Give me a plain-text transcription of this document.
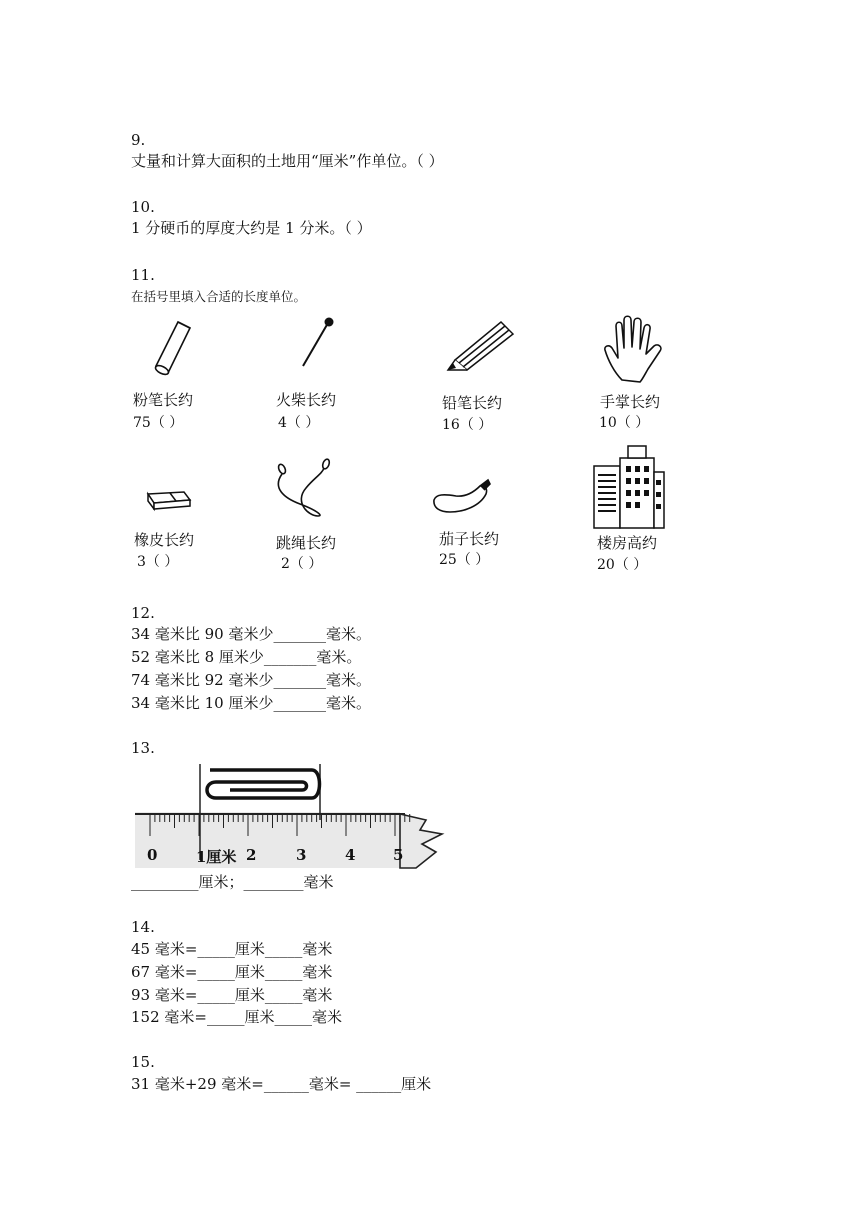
9.
丈量和计算大面积的土地用“厘米”作单位。（ ）
10.
1 分硬币的厚度大约是 1 分米。（ ）
11.
在括号里填入合适的长度单位。
粉笔长约
75（ ）
火柴长约
4（ ）
铅笔长约
16（ ）
手掌长约
10（ ）
橡皮长约
3（ ）
跳绳长约
2（ ）
茄子长约
25（ ）
楼房高约
20（ ）
12.
34 毫米比 90 毫米少_______毫米。
52 毫米比 8 厘米少_______毫米。
74 毫米比 92 毫米少_______毫米。
34 毫米比 10 厘米少_______毫米。
13.
0	1厘米 2	3	4	5
_________厘米；________毫米
14.
45 毫米=_____厘米_____毫米
67 毫米=_____厘米_____毫米
93 毫米=_____厘米_____毫米
152 毫米=_____厘米_____毫米
15.
31 毫米+29 毫米=______毫米= ______厘米
